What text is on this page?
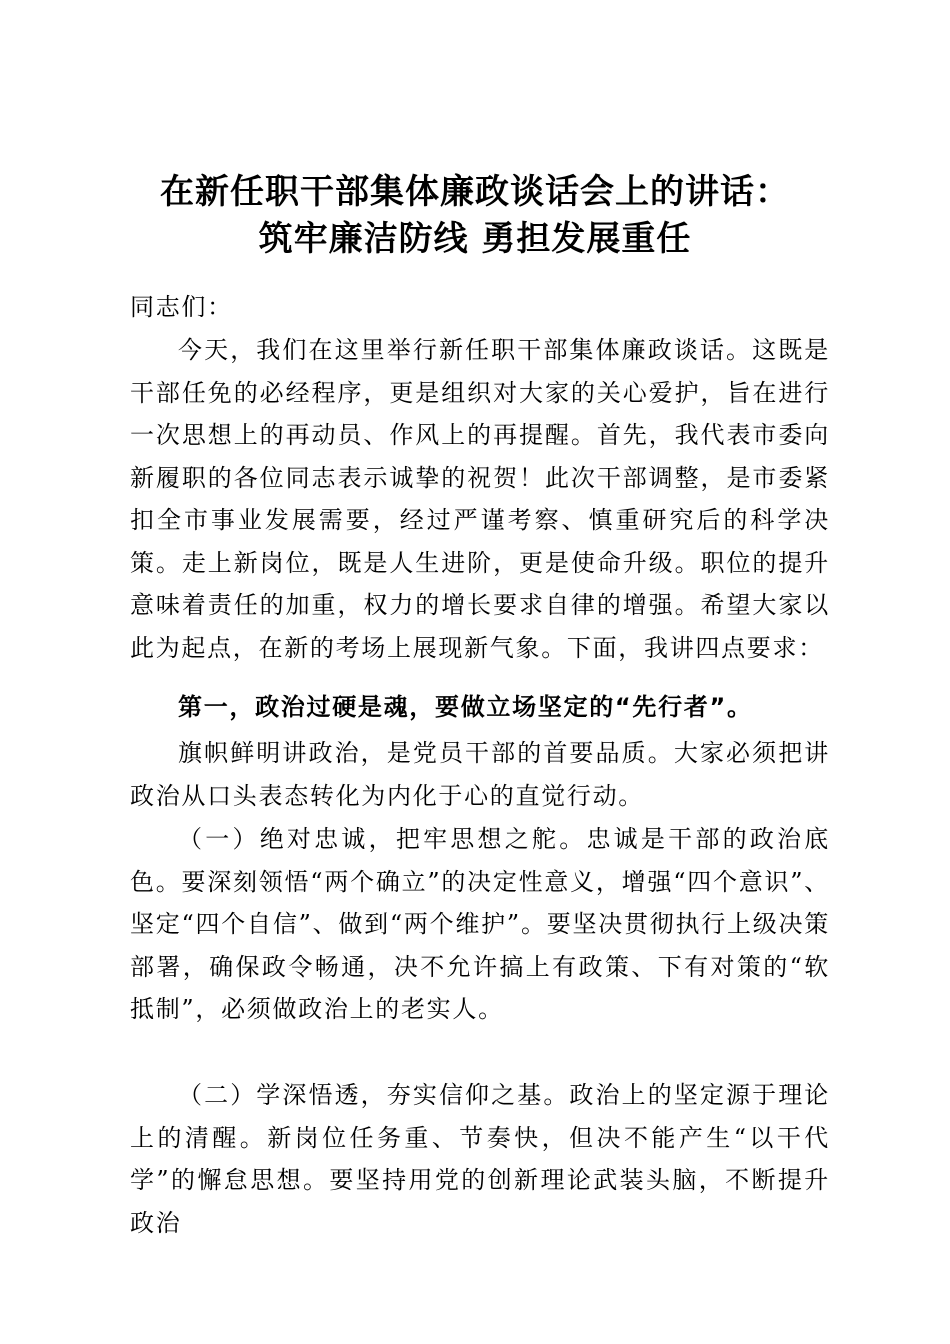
在新任职干部集体廉政谈话会上的讲话：
筑牢廉洁防线 勇担发展重任
同志们：

今天，我们在这里举行新任职干部集体廉政谈话。这既是干部任免的必经程序，更是组织对大家的关心爱护，旨在进行一次思想上的再动员、作风上的再提醒。首先，我代表市委向新履职的各位同志表示诚挚的祝贺！此次干部调整，是市委紧扣全市事业发展需要，经过严谨考察、慎重研究后的科学决策。走上新岗位，既是人生进阶，更是使命升级。职位的提升意味着责任的加重，权力的增长要求自律的增强。希望大家以此为起点，在新的考场上展现新气象。下面，我讲四点要求：

第一，政治过硬是魂，要做立场坚定的“先行者”。

旗帜鲜明讲政治，是党员干部的首要品质。大家必须把讲政治从口头表态转化为内化于心的直觉行动。

（一）绝对忠诚，把牢思想之舵。忠诚是干部的政治底色。要深刻领悟“两个确立”的决定性意义，增强“四个意识”、坚定“四个自信”、做到“两个维护”。要坚决贯彻执行上级决策部署，确保政令畅通，决不允许搞上有政策、下有对策的“软抵制”，必须做政治上的老实人。

（二）学深悟透，夯实信仰之基。政治上的坚定源于理论上的清醒。新岗位任务重、节奏快，但决不能产生“以干代学”的懈怠思想。要坚持用党的创新理论武装头脑，不断提升政治
